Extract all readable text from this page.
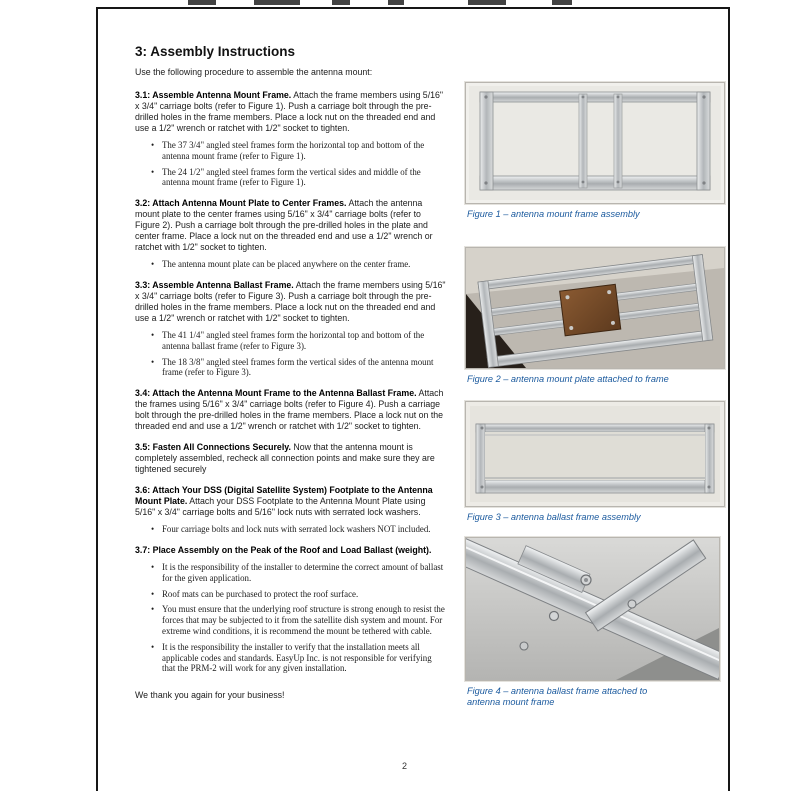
3: Assembly Instructions

Use the following procedure to assemble the antenna mount:

3.1: Assemble Antenna Mount Frame. Attach the frame members using 5/16" x 3/4" carriage bolts (refer to Figure 1). Push a carriage bolt through the pre-drilled holes in the frame members. Place a lock nut on the threaded end and use a 1/2" wrench or ratchet with 1/2" socket to tighten.

• The 37 3/4" angled steel frames form the horizontal top and bottom of the antenna mount frame (refer to Figure 1).
• The 24 1/2" angled steel frames form the vertical sides and middle of the antenna mount frame (refer to Figure 1).

3.2: Attach Antenna Mount Plate to Center Frames. Attach the antenna mount plate to the center frames using 5/16" x 3/4" carriage bolts (refer to Figure 2). Push a carriage bolt through the pre-drilled holes in the plate and center frame. Place a lock nut on the threaded end and use a 1/2" wrench or ratchet with 1/2" socket to tighten.

• The antenna mount plate can be placed anywhere on the center frame.

3.3: Assemble Antenna Ballast Frame. Attach the frame members using 5/16" x 3/4" carriage bolts (refer to Figure 3). Push a carriage bolt through the pre-drilled holes in the frame members. Place a lock nut on the threaded end and use a 1/2" wrench or ratchet with 1/2" socket to tighten.

• The 41 1/4" angled steel frames form the horizontal top and bottom of the antenna ballast frame (refer to Figure 3).
• The 18 3/8" angled steel frames form the vertical sides of the antenna mount frame (refer to Figure 3).

3.4: Attach the Antenna Mount Frame to the Antenna Ballast Frame. Attach the frames using 5/16" x 3/4" carriage bolts (refer to Figure 4). Push a carriage bolt through the pre-drilled holes in the frame members. Place a lock nut on the threaded end and use a 1/2" wrench or ratchet with 1/2" socket to tighten.

3.5: Fasten All Connections Securely. Now that the antenna mount is completely assembled, recheck all connection points and make sure they are tightened securely

3.6: Attach Your DSS (Digital Satellite System) Footplate to the Antenna Mount Plate. Attach your DSS Footplate to the Antenna Mount Plate using 5/16" x 3/4" carriage bolts and 5/16" lock nuts with serrated lock washers.

• Four carriage bolts and lock nuts with serrated lock washers NOT included.

3.7: Place Assembly on the Peak of the Roof and Load Ballast (weight).

• It is the responsibility of the installer to determine the correct amount of ballast for the given application.
• Roof mats can be purchased to protect the roof surface.
• You must ensure that the underlying roof structure is strong enough to resist the forces that may be subjected to it from the satellite dish system and mount. For extreme wind conditions, it is recommend the mount be tethered with cable.
• It is the responsibility the installer to verify that the installation meets all applicable codes and standards. EasyUp Inc. is not responsible for verifying that the PRM-2 will work for any given installation.

We thank you again for your business!

Figure 1 – antenna mount frame assembly
Figure 2 – antenna mount plate attached to frame
Figure 3 – antenna ballast frame assembly
Figure 4 – antenna ballast frame attached to antenna mount frame
2
